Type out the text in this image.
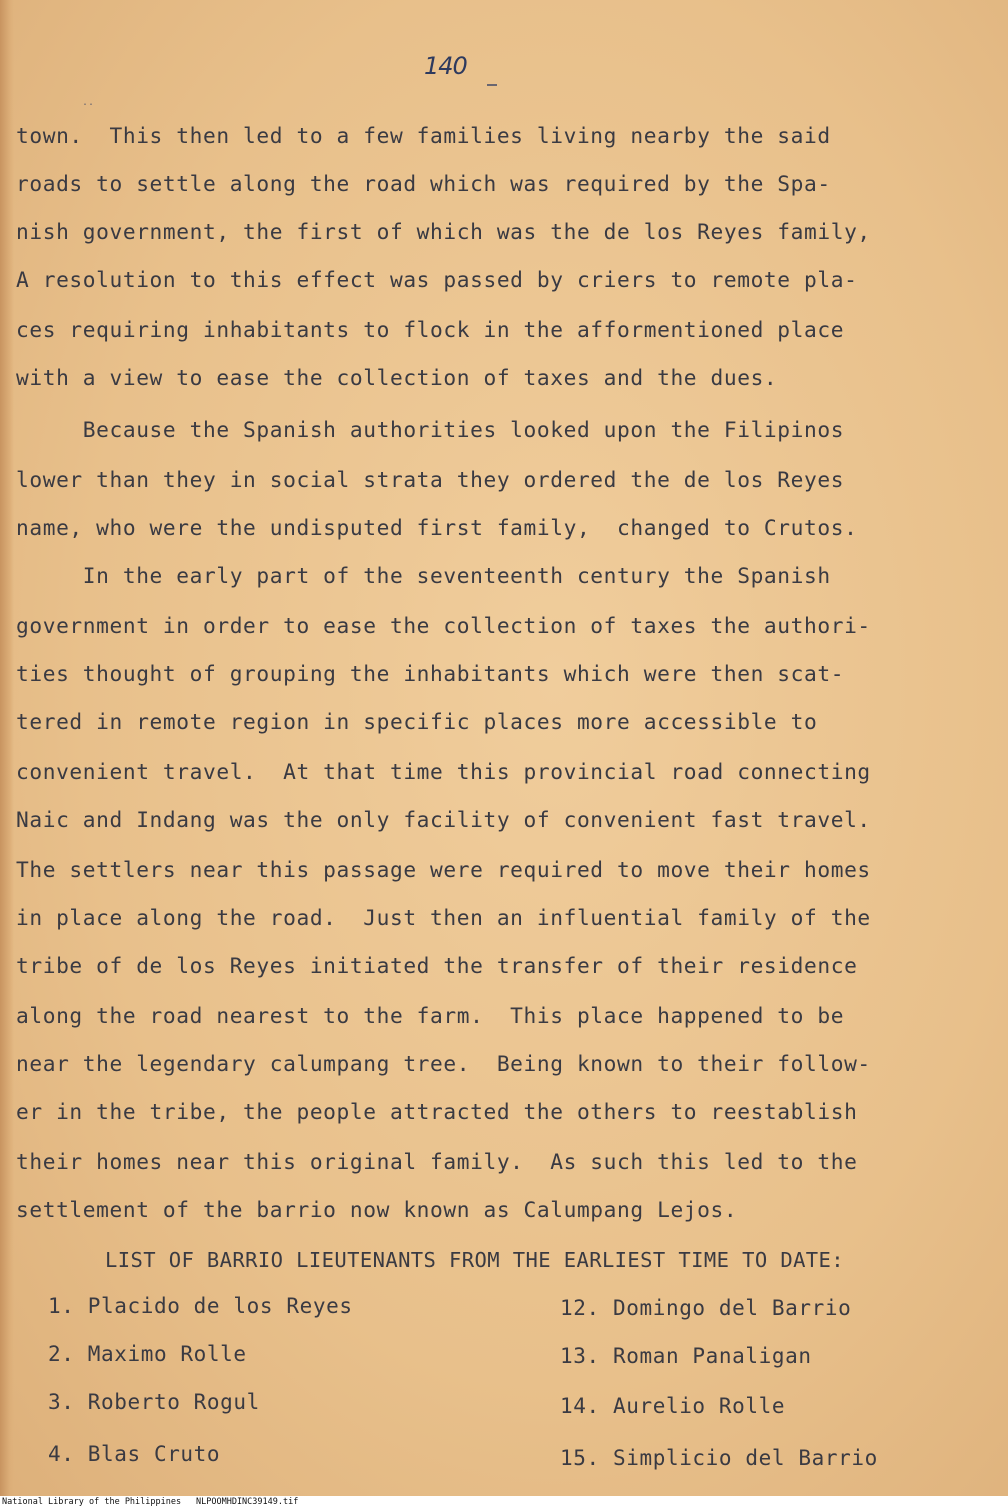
140
..
town.  This then led to a few families living nearby the said
roads to settle along the road which was required by the Spa-
nish government, the first of which was the de los Reyes family,
A resolution to this effect was passed by criers to remote pla-
ces requiring inhabitants to flock in the afformentioned place
with a view to ease the collection of taxes and the dues.
Because the Spanish authorities looked upon the Filipinos
lower than they in social strata they ordered the de los Reyes
name, who were the undisputed first family,  changed to Crutos.
In the early part of the seventeenth century the Spanish
government in order to ease the collection of taxes the authori-
ties thought of grouping the inhabitants which were then scat-
tered in remote region in specific places more accessible to
convenient travel.  At that time this provincial road connecting
Naic and Indang was the only facility of convenient fast travel.
The settlers near this passage were required to move their homes
in place along the road.  Just then an influential family of the
tribe of de los Reyes initiated the transfer of their residence
along the road nearest to the farm.  This place happened to be
near the legendary calumpang tree.  Being known to their follow-
er in the tribe, the people attracted the others to reestablish
their homes near this original family.  As such this led to the
settlement of the barrio now known as Calumpang Lejos.
LIST OF BARRIO LIEUTENANTS FROM THE EARLIEST TIME TO DATE:
1. Placido de los Reyes
2. Maximo Rolle
3. Roberto Rogul
4. Blas Cruto
12. Domingo del Barrio
13. Roman Panaligan
14. Aurelio Rolle
15. Simplicio del Barrio
National Library of the Philippines NLPOOMHDINC39149.tif
